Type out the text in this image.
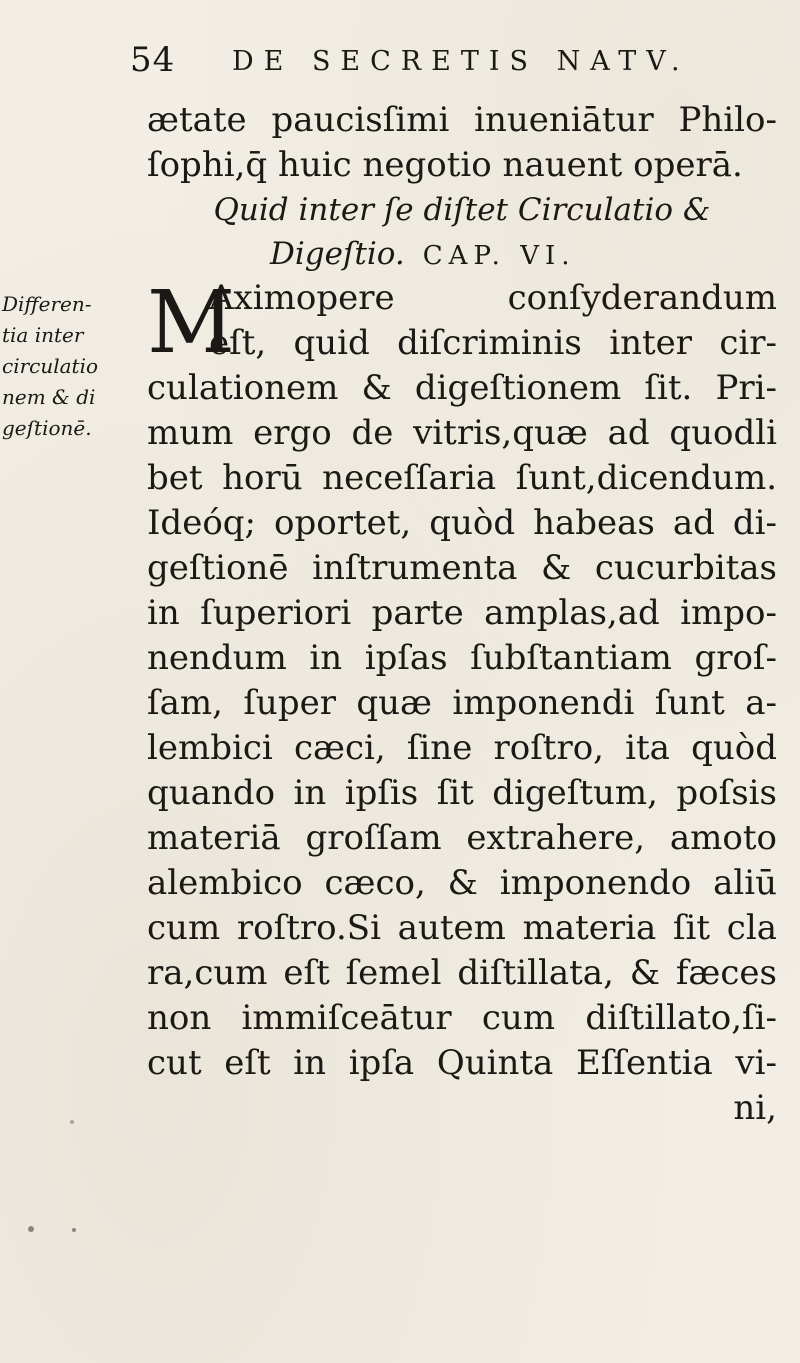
54 DE SECRETIS NATV.
Differen-
tia inter
circulatio
nem & di
geſtionē.
M
ætate paucisſimi inueniātur Philo-
ſophi,q̄ huic negotio nauent operā.
Quid inter ſe diſtet Circulatio &
Digeſtio. CAP. VI.
Aximopere conſyderandum
eſt, quid diſcriminis inter cir-
culationem & digeſtionem ſit. Pri-
mum ergo de vitris,quæ ad quodli
bet horū neceſſaria ſunt,dicendum.
Ideóq; oportet, quòd habeas ad di-
geſtionē inſtrumenta & cucurbitas
in ſuperiori parte amplas,ad impo-
nendum in ipſas ſubſtantiam groſ-
ſam, ſuper quæ imponendi ſunt a-
lembici cæci, ſine roſtro, ita quòd
quando in ipſis ſit digeſtum, poſsis
materiā groſſam extrahere, amoto
alembico cæco, & imponendo aliū
cum roſtro.Si autem materia ſit cla
ra,cum eſt ſemel diſtillata, & fæces
non immiſceātur cum diſtillato,ſi-
cut eſt in ipſa Quinta Eſſentia vi-
ni,
